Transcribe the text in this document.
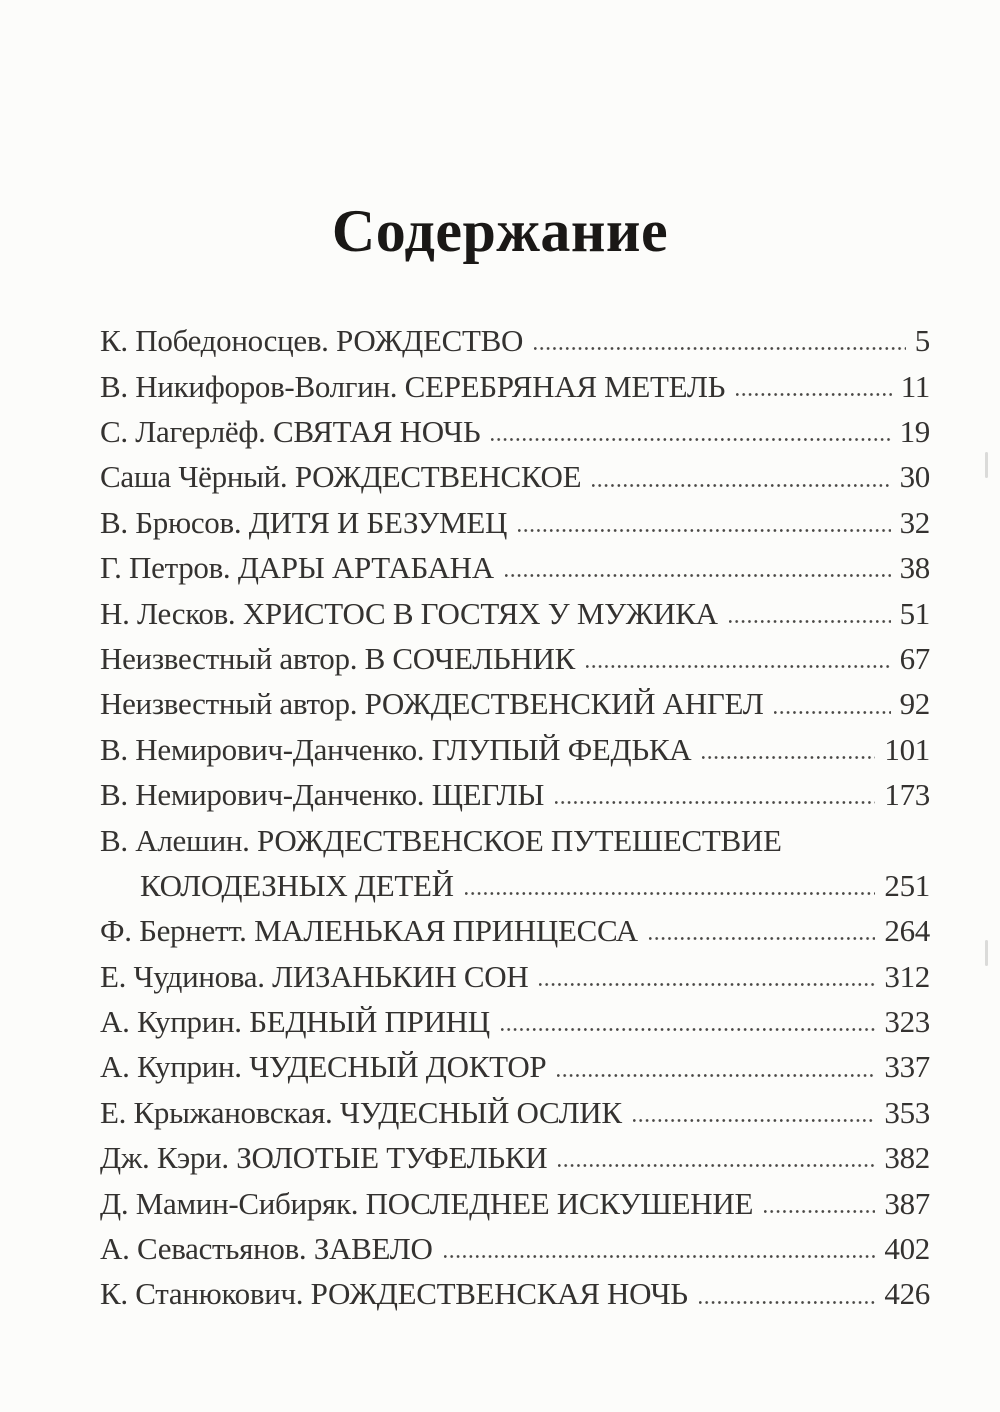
Содержание
К. Победоносцев. РОЖДЕСТВО	5
В. Никифоров-Волгин. СЕРЕБРЯНАЯ МЕТЕЛЬ	11
С. Лагерлёф. СВЯТАЯ НОЧЬ	19
Саша Чёрный. РОЖДЕСТВЕНСКОЕ	30
В. Брюсов. ДИТЯ И БЕЗУМЕЦ	32
Г. Петров. ДАРЫ АРТАБАНА	38
Н. Лесков. ХРИСТОС В ГОСТЯХ У МУЖИКА	51
Неизвестный автор. В СОЧЕЛЬНИК	67
Неизвестный автор. РОЖДЕСТВЕНСКИЙ АНГЕЛ	92
В. Немирович-Данченко. ГЛУПЫЙ ФЕДЬКА	101
В. Немирович-Данченко. ЩЕГЛЫ	173
В. Алешин. РОЖДЕСТВЕНСКОЕ ПУТЕШЕСТВИЕ
КОЛОДЕЗНЫХ ДЕТЕЙ	251
Ф. Бернетт. МАЛЕНЬКАЯ ПРИНЦЕССА	264
Е. Чудинова. ЛИЗАНЬКИН СОН	312
А. Куприн. БЕДНЫЙ ПРИНЦ	323
А. Куприн. ЧУДЕСНЫЙ ДОКТОР	337
Е. Крыжановская. ЧУДЕСНЫЙ ОСЛИК	353
Дж. Кэри. ЗОЛОТЫЕ ТУФЕЛЬКИ	382
Д. Мамин-Сибиряк. ПОСЛЕДНЕЕ ИСКУШЕНИЕ	387
А. Севастьянов. ЗАВЕЛО	402
К. Станюкович. РОЖДЕСТВЕНСКАЯ НОЧЬ	426
